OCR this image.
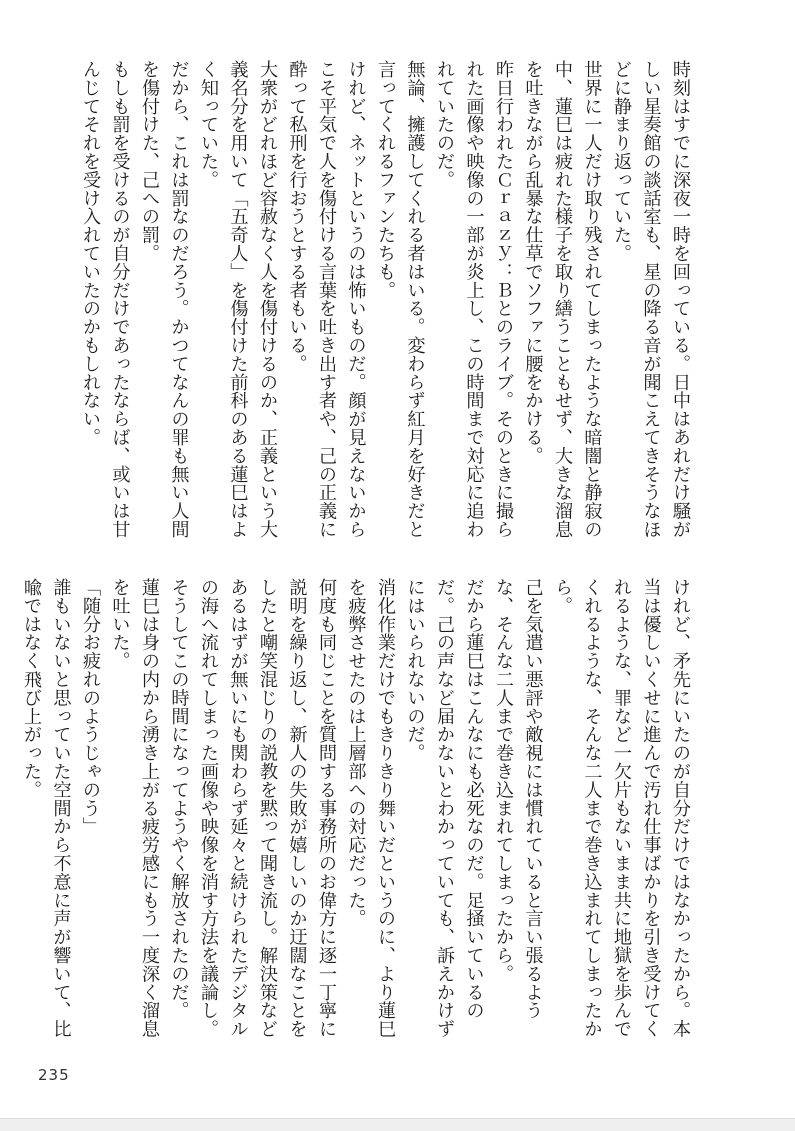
時刻はすでに深夜一時を回っている。日中はあれだけ騒がしい星奏館の談話室も、星の降る音が聞こえてきそうなほどに静まり返っていた。

世界に一人だけ取り残されてしまったような暗闇と静寂の中、蓮巳は疲れた様子を取り繕うこともせず、大きな溜息を吐きながら乱暴な仕草でソファに腰をかける。

昨日行われたＣｒａｚｙ：Ｂとのライブ。そのときに撮られた画像や映像の一部が炎上し、この時間まで対応に追われていたのだ。

無論、擁護してくれる者はいる。変わらず紅月を好きだと言ってくれるファンたちも。

けれど、ネットというのは怖いものだ。顔が見えないからこそ平気で人を傷付ける言葉を吐き出す者や、己の正義に酔って私刑を行おうとする者もいる。

大衆がどれほど容赦なく人を傷付けるのか、正義という大義名分を用いて「五奇人」を傷付けた前科のある蓮巳はよく知っていた。

だから、これは罰なのだろう。かつてなんの罪も無い人間を傷付けた、己への罰。

もしも罰を受けるのが自分だけであったならば、或いは甘んじてそれを受け入れていたのかもしれない。

けれど、矛先にいたのが自分だけではなかったから。本当は優しいくせに進んで汚れ仕事ばかりを引き受けてくれるような、罪など一欠片もないまま共に地獄を歩んでくれるような、そんな二人まで巻き込まれてしまったから。

己を気遣い悪評や敵視には慣れていると言い張るような、そんな二人まで巻き込まれてしまったから。

だから蓮巳はこんなにも必死なのだ。足掻いているのだ。己の声など届かないとわかっていても、訴えかけずにはいられないのだ。

消化作業だけでもきりきり舞いだというのに、より蓮巳を疲弊させたのは上層部への対応だった。

何度も同じことを質問する事務所のお偉方に逐一丁寧に説明を繰り返し、新人の失敗が嬉しいのか迂闊なことをしたと嘲笑混じりの説教を黙って聞き流し。解決策などあるはずが無いにも関わらず延々と続けられたデジタルの海へ流れてしまった画像や映像を消す方法を議論し。

そうしてこの時間になってようやく解放されたのだ。

蓮巳は身の内から湧き上がる疲労感にもう一度深く溜息を吐いた。

「随分お疲れのようじゃのう」

誰もいないと思っていた空間から不意に声が響いて、比喩ではなく飛び上がった。

235
